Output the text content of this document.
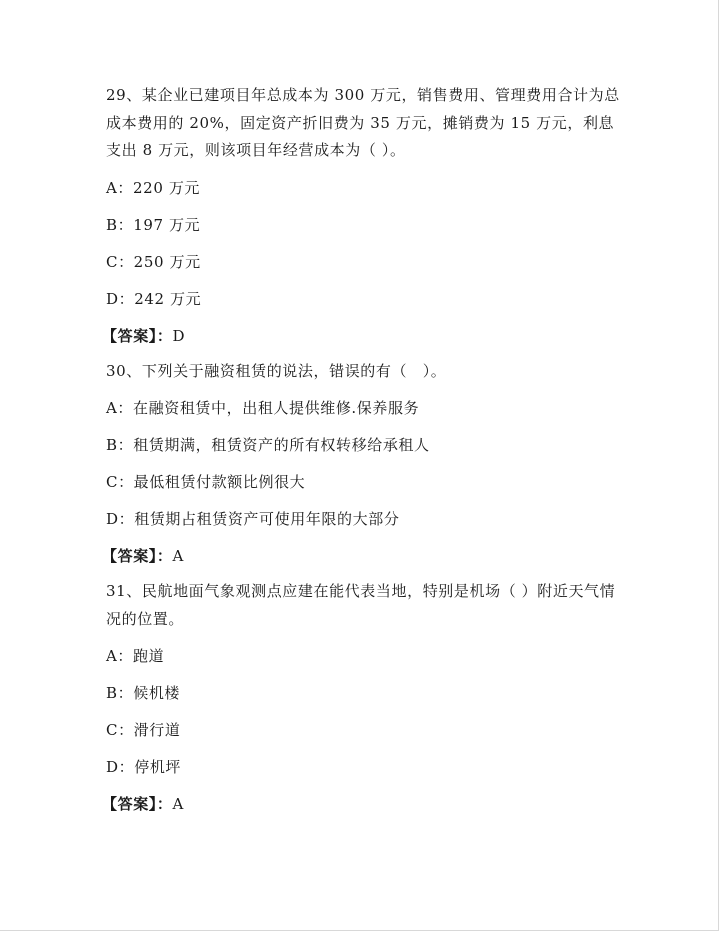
29、某企业已建项目年总成本为 300 万元，销售费用、管理费用合计为总成本费用的 20%，固定资产折旧费为 35 万元，摊销费为 15 万元，利息支出 8 万元，则该项目年经营成本为（ ）。

A：220 万元
B：197 万元
C：250 万元
D：242 万元
【答案】：D

30、下列关于融资租赁的说法，错误的有（　）。

A：在融资租赁中，出租人提供维修.保养服务
B：租赁期满，租赁资产的所有权转移给承租人
C：最低租赁付款额比例很大
D：租赁期占租赁资产可使用年限的大部分
【答案】：A

31、民航地面气象观测点应建在能代表当地，特别是机场（ ）附近天气情况的位置。

A：跑道
B：候机楼
C：滑行道
D：停机坪
【答案】：A
